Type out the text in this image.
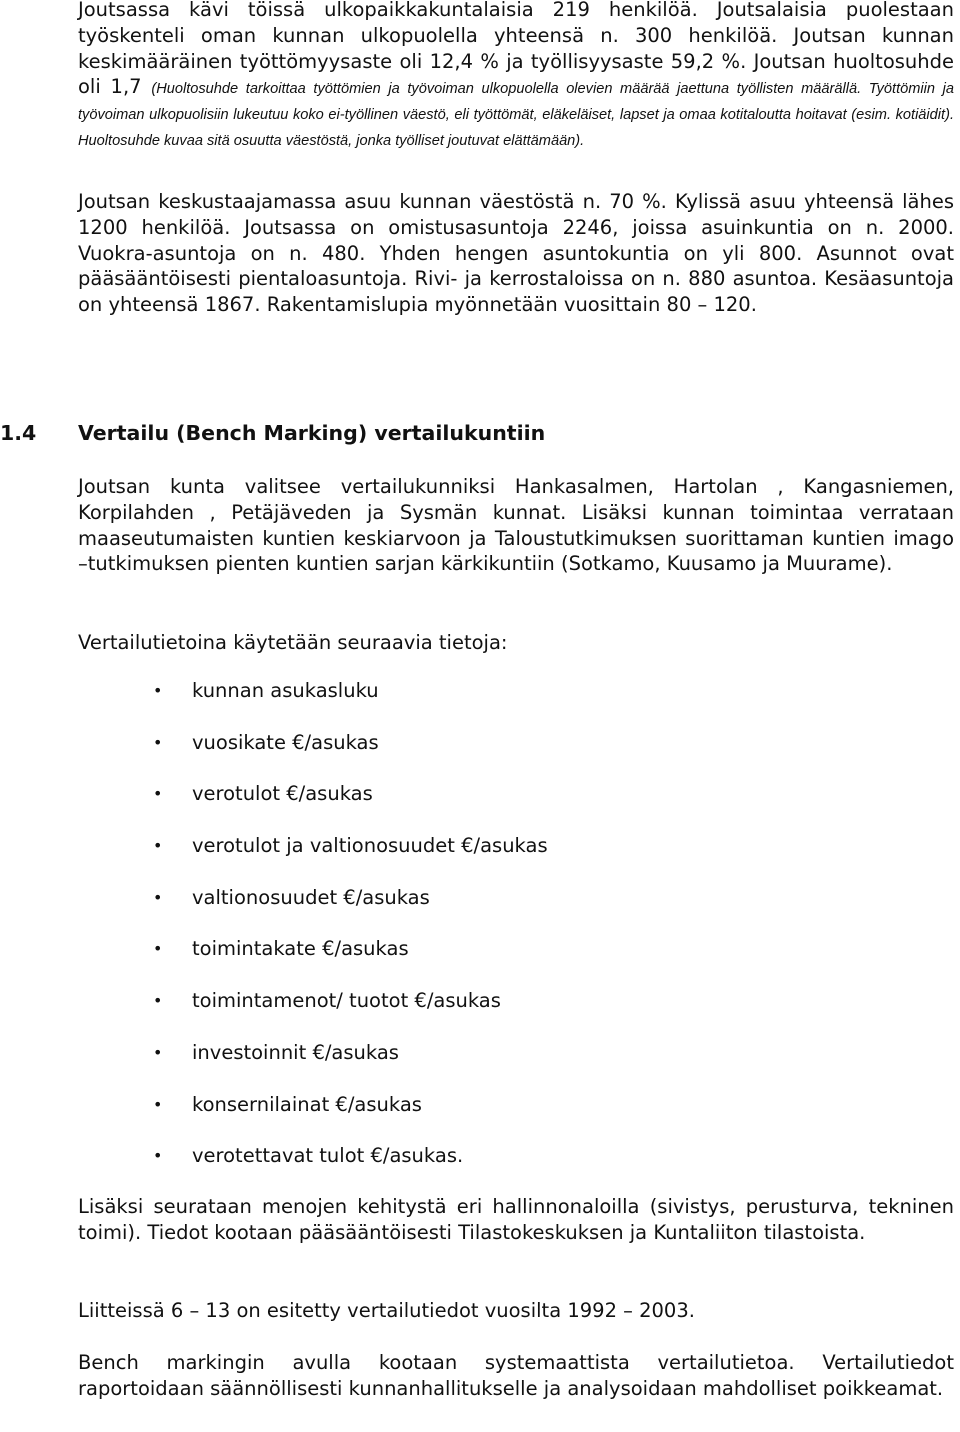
Joutsassa kävi töissä ulkopaikkakuntalaisia 219 henkilöä. Joutsalaisia puolestaan työskenteli oman kunnan ulkopuolella yhteensä n. 300 henkilöä. Joutsan kunnan keskimääräinen työttömyysaste oli 12,4 % ja työllisyysaste 59,2 %. Joutsan huoltosuhde oli 1,7 (Huoltosuhde tarkoittaa työttömien ja työvoiman ulkopuolella olevien määrää jaettuna työllisten määrällä. Työttömiin ja työvoiman ulkopuolisiin lukeutuu koko ei-työllinen väestö, eli työttömät, eläkeläiset, lapset ja omaa kotitaloutta hoitavat (esim. kotiäidit). Huoltosuhde kuvaa sitä osuutta väestöstä, jonka työlliset joutuvat elättämään).

Joutsan keskustaajamassa asuu kunnan väestöstä n. 70 %. Kylissä asuu yhteensä lähes 1200 henkilöä. Joutsassa on omistusasuntoja 2246, joissa asuinkuntia on n. 2000. Vuokra-asuntoja on n. 480. Yhden hengen asuntokuntia on yli 800. Asunnot ovat pääsääntöisesti pientaloasuntoja. Rivi- ja kerrostaloissa on n. 880 asuntoa. Kesäasuntoja on yhteensä 1867. Rakentamislupia myönnetään vuosittain 80 – 120.

1.4 Vertailu (Bench Marking) vertailukuntiin

Joutsan kunta valitsee vertailukunniksi Hankasalmen, Hartolan , Kangasniemen, Korpilahden , Petäjäveden ja Sysmän kunnat. Lisäksi kunnan toimintaa verrataan maaseutumaisten kuntien keskiarvoon ja Taloustutkimuksen suorittaman kuntien imago –tutkimuksen pienten kuntien sarjan kärkikuntiin (Sotkamo, Kuusamo ja Muurame).

Vertailutietoina käytetään seuraavia tietoja:

• kunnan asukasluku
• vuosikate €/asukas
• verotulot €/asukas
• verotulot ja valtionosuudet €/asukas
• valtionosuudet €/asukas
• toimintakate €/asukas
• toimintamenot/ tuotot €/asukas
• investoinnit €/asukas
• konsernilainat €/asukas
• verotettavat tulot €/asukas.

Lisäksi seurataan menojen kehitystä eri hallinnonaloilla (sivistys, perusturva, tekninen toimi). Tiedot kootaan pääsääntöisesti Tilastokeskuksen ja Kuntaliiton tilastoista.

Liitteissä 6 – 13 on esitetty vertailutiedot vuosilta 1992 – 2003.

Bench markingin avulla kootaan systemaattista vertailutietoa. Vertailutiedot raportoidaan säännöllisesti kunnanhallitukselle ja analysoidaan mahdolliset poikkeamat.
